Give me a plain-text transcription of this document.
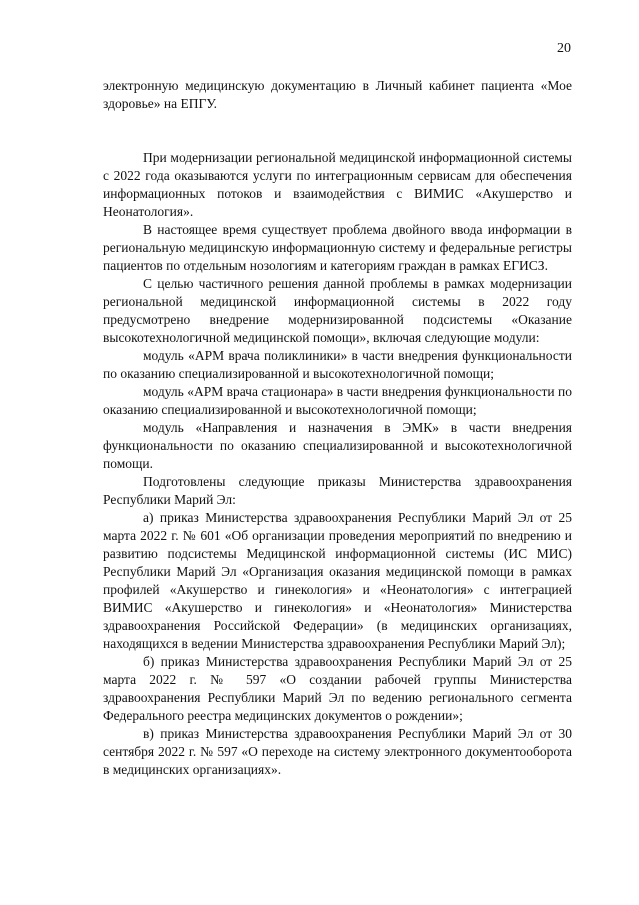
20

электронную медицинскую документацию в Личный кабинет пациента «Мое здоровье» на ЕПГУ.

При модернизации региональной медицинской информационной системы с 2022 года оказываются услуги по интеграционным сервисам для обеспечения информационных потоков и взаимодействия с ВИМИС «Акушерство и Неонатология».

В настоящее время существует проблема двойного ввода информации в региональную медицинскую информационную систему и федеральные регистры пациентов по отдельным нозологиям и категориям граждан в рамках ЕГИСЗ.

С целью частичного решения данной проблемы в рамках модернизации региональной медицинской информационной системы в 2022 году предусмотрено внедрение модернизированной подсистемы «Оказание высокотехнологичной медицинской помощи», включая следующие модули:

модуль «АРМ врача поликлиники» в части внедрения функциональности по оказанию специализированной и высокотехнологичной помощи;

модуль «АРМ врача стационара» в части внедрения функциональности по оказанию специализированной и высокотехнологичной помощи;

модуль «Направления и назначения в ЭМК» в части внедрения функциональности по оказанию специализированной и высокотехнологичной помощи.

Подготовлены следующие приказы Министерства здравоохранения Республики Марий Эл:

а) приказ Министерства здравоохранения Республики Марий Эл от 25 марта 2022 г. № 601 «Об организации проведения мероприятий по внедрению и развитию подсистемы Медицинской информационной системы (ИС МИС) Республики Марий Эл «Организация оказания медицинской помощи в рамках профилей «Акушерство и гинекология» и «Неонатология» с интеграцией ВИМИС «Акушерство и гинекология» и «Неонатология» Министерства здравоохранения Российской Федерации» (в медицинских организациях, находящихся в ведении Министерства здравоохранения Республики Марий Эл);

б) приказ Министерства здравоохранения Республики Марий Эл от 25 марта 2022 г. № 597 «О создании рабочей группы Министерства здравоохранения Республики Марий Эл по ведению регионального сегмента Федерального реестра медицинских документов о рождении»;

в) приказ Министерства здравоохранения Республики Марий Эл от 30 сентября 2022 г. № 597 «О переходе на систему электронного документооборота в медицинских организациях».
